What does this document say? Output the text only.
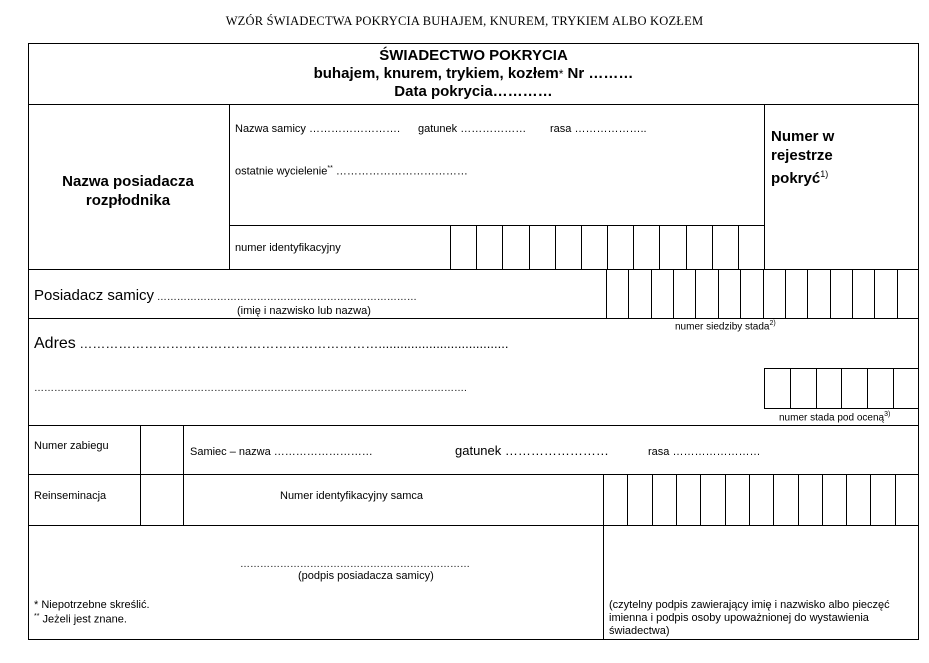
WZÓR ŚWIADECTWA POKRYCIA BUHAJEM, KNUREM, TRYKIEM ALBO KOZŁEM
ŚWIADECTWO POKRYCIA
buhajem, knurem, trykiem, kozłem* Nr ………
Data pokrycia…………
Nazwa posiadacza rozpłodnika
Nazwa samicy ……………………. gatunek ……………… rasa ………………..
ostatnie wycielenie** ………………………………
numer identyfikacyjny
Numer w rejestrze pokryć$^{1)}$
Posiadacz samicy ……………………………………………………………………
(imię i nazwisko lub nazwa)
numer siedziby stada$^{2)}$
Adres ……………………………………………………………....................................
………………………………………………………………………………………………………………….
numer stada pod oceną$^{3)}$
Numer zabiegu	Samiec – nazwa ………………………	gatunek ……………………	rasa ……………………
Reinseminacja	Numer identyfikacyjny samca
……………………………………………………………
(podpis posiadacza samicy)
* Niepotrzebne skreślić.
** Jeżeli jest znane.
(czytelny podpis zawierający imię i nazwisko albo pieczęć imienna i podpis osoby upoważnionej do wystawienia świadectwa)
